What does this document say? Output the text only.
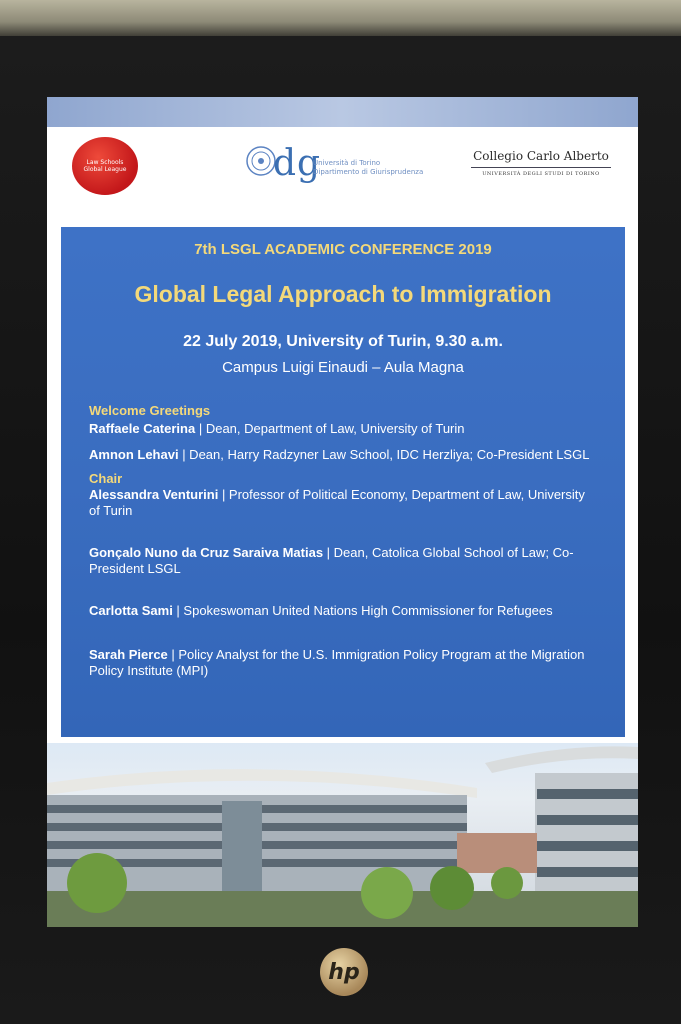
Law Schools
Global League	dg
Università di Torino
Dipartimento di Giurisprudenza
Collegio Carlo Alberto
UNIVERSITÀ DEGLI STUDI DI TORINO
7th LSGL ACADEMIC CONFERENCE 2019
Global Legal Approach to Immigration
22 July 2019, University of Turin, 9.30 a.m.
Campus Luigi Einaudi – Aula Magna
Welcome Greetings
Raffaele Caterina | Dean, Department of Law, University of Turin
Amnon Lehavi | Dean, Harry Radzyner Law School, IDC Herzliya; Co-President LSGL
Chair
Alessandra Venturini | Professor of Political Economy, Department of Law, University of Turin
Gonçalo Nuno da Cruz Saraiva Matias | Dean, Catolica Global School of Law; Co-President LSGL
Carlotta Sami | Spokeswoman United Nations High Commissioner for Refugees
Sarah Pierce | Policy Analyst for the U.S. Immigration Policy Program at the Migration Policy Institute (MPI)
hp
